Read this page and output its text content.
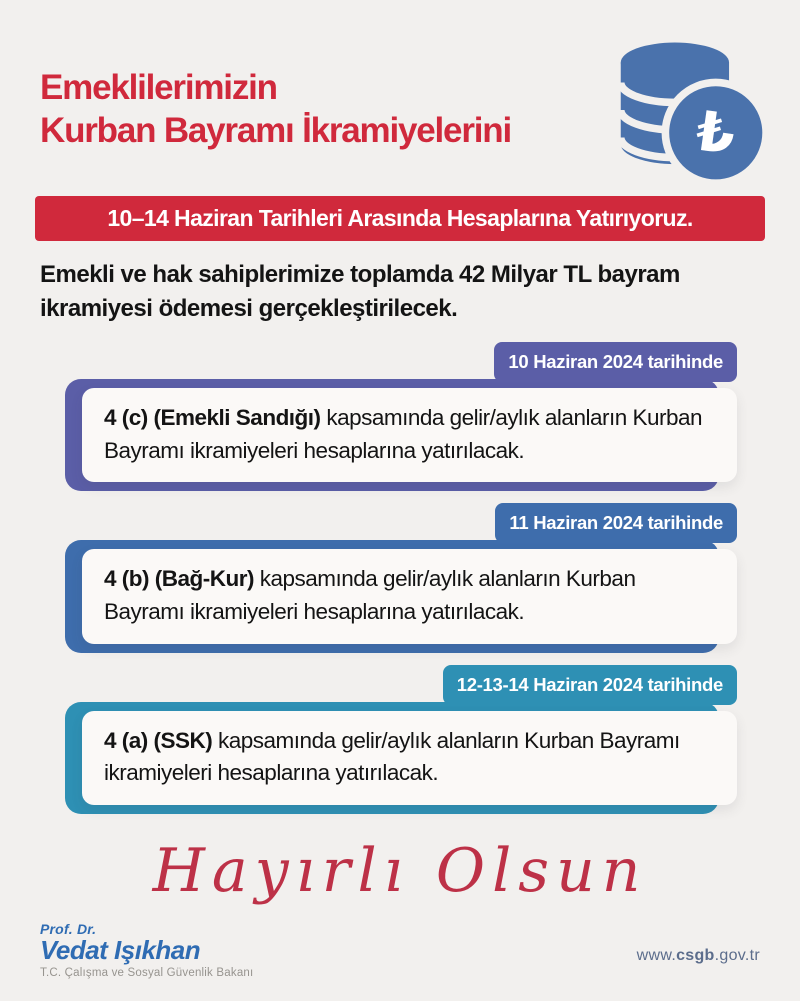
Emeklilerimizin
Kurban Bayramı İkramiyelerini	₺
10–14 Haziran Tarihleri Arasında Hesaplarına Yatırıyoruz.
Emekli ve hak sahiplerimize toplamda 42 Milyar TL bayram ikramiyesi ödemesi gerçekleştirilecek.
10 Haziran 2024 tarihinde
4 (c) (Emekli Sandığı) kapsamında gelir/aylık alanların Kurban Bayramı ikramiyeleri hesaplarına yatırılacak.
11 Haziran 2024 tarihinde
4 (b) (Bağ-Kur) kapsamında gelir/aylık alanların Kurban Bayramı ikramiyeleri hesaplarına yatırılacak.
12-13-14 Haziran 2024 tarihinde
4 (a) (SSK) kapsamında gelir/aylık alanların Kurban Bayramı ikramiyeleri hesaplarına yatırılacak.
Hayırlı Olsun
Prof. Dr.
Vedat Işıkhan
T.C. Çalışma ve Sosyal Güvenlik Bakanı
www.csgb.gov.tr
